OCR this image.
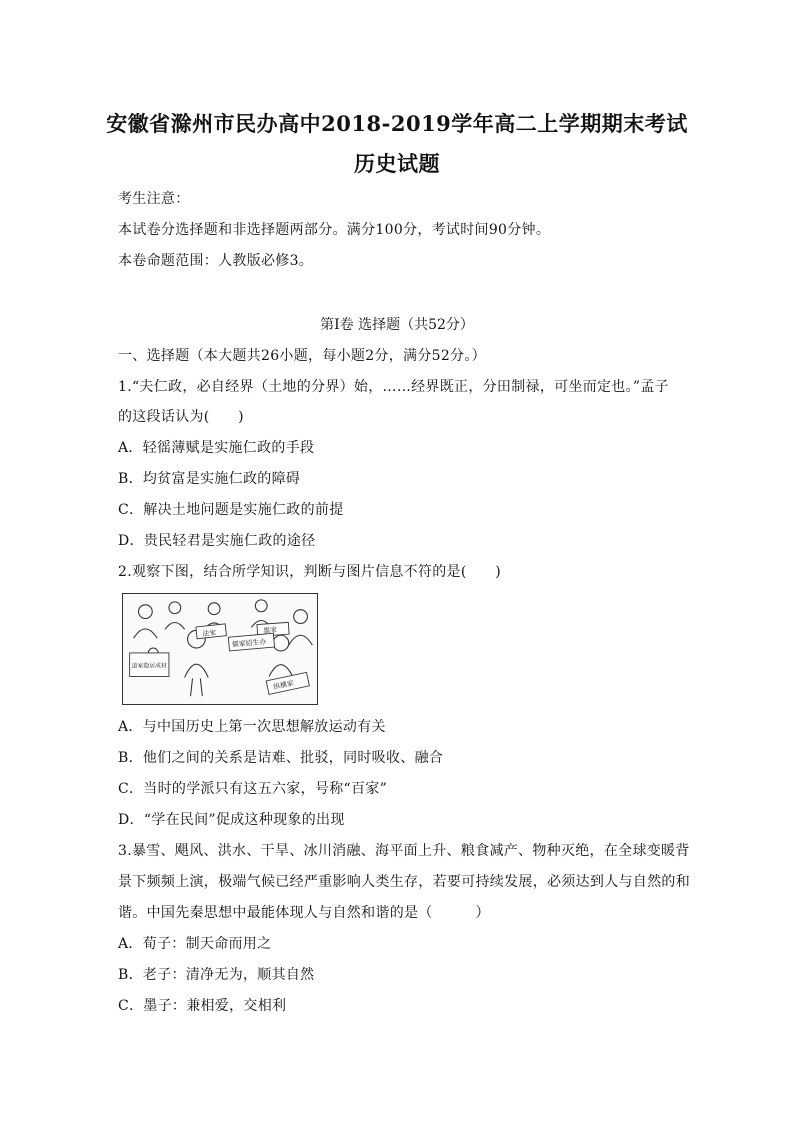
安徽省滁州市民办高中2018-2019学年高二上学期期末考试
历史试题
考生注意：
本试卷分选择题和非选择题两部分。满分100分，考试时间90分钟。
本卷命题范围：人教版必修3。
第Ⅰ卷 选择题（共52分）
一、选择题（本大题共26小题，每小题2分，满分52分。）
1.“夫仁政，必自经界（土地的分界）始，……经界既正，分田制禄，可坐而定也。”孟子
的这段话认为(　　)
A．轻徭薄赋是实施仁政的手段
B．均贫富是实施仁政的障碍
C．解决土地问题是实施仁政的前提
D．贵民轻君是实施仁政的途径
2.观察下图，结合所学知识，判断与图片信息不符的是(　　)
法家	墨家
儒家招生办
道家隐居成材
纵横家
A．与中国历史上第一次思想解放运动有关
B．他们之间的关系是诘难、批驳，同时吸收、融合
C．当时的学派只有这五六家，号称“百家”
D．“学在民间”促成这种现象的出现
3.暴雪、飓风、洪水、干旱、冰川消融、海平面上升、粮食减产、物种灭绝，在全球变暖背
景下频频上演，极端气候已经严重影响人类生存，若要可持续发展，必须达到人与自然的和
谐。中国先秦思想中最能体现人与自然和谐的是（　　　）
A．荀子：制天命而用之
B．老子：清净无为，顺其自然
C．墨子：兼相爱，交相利
